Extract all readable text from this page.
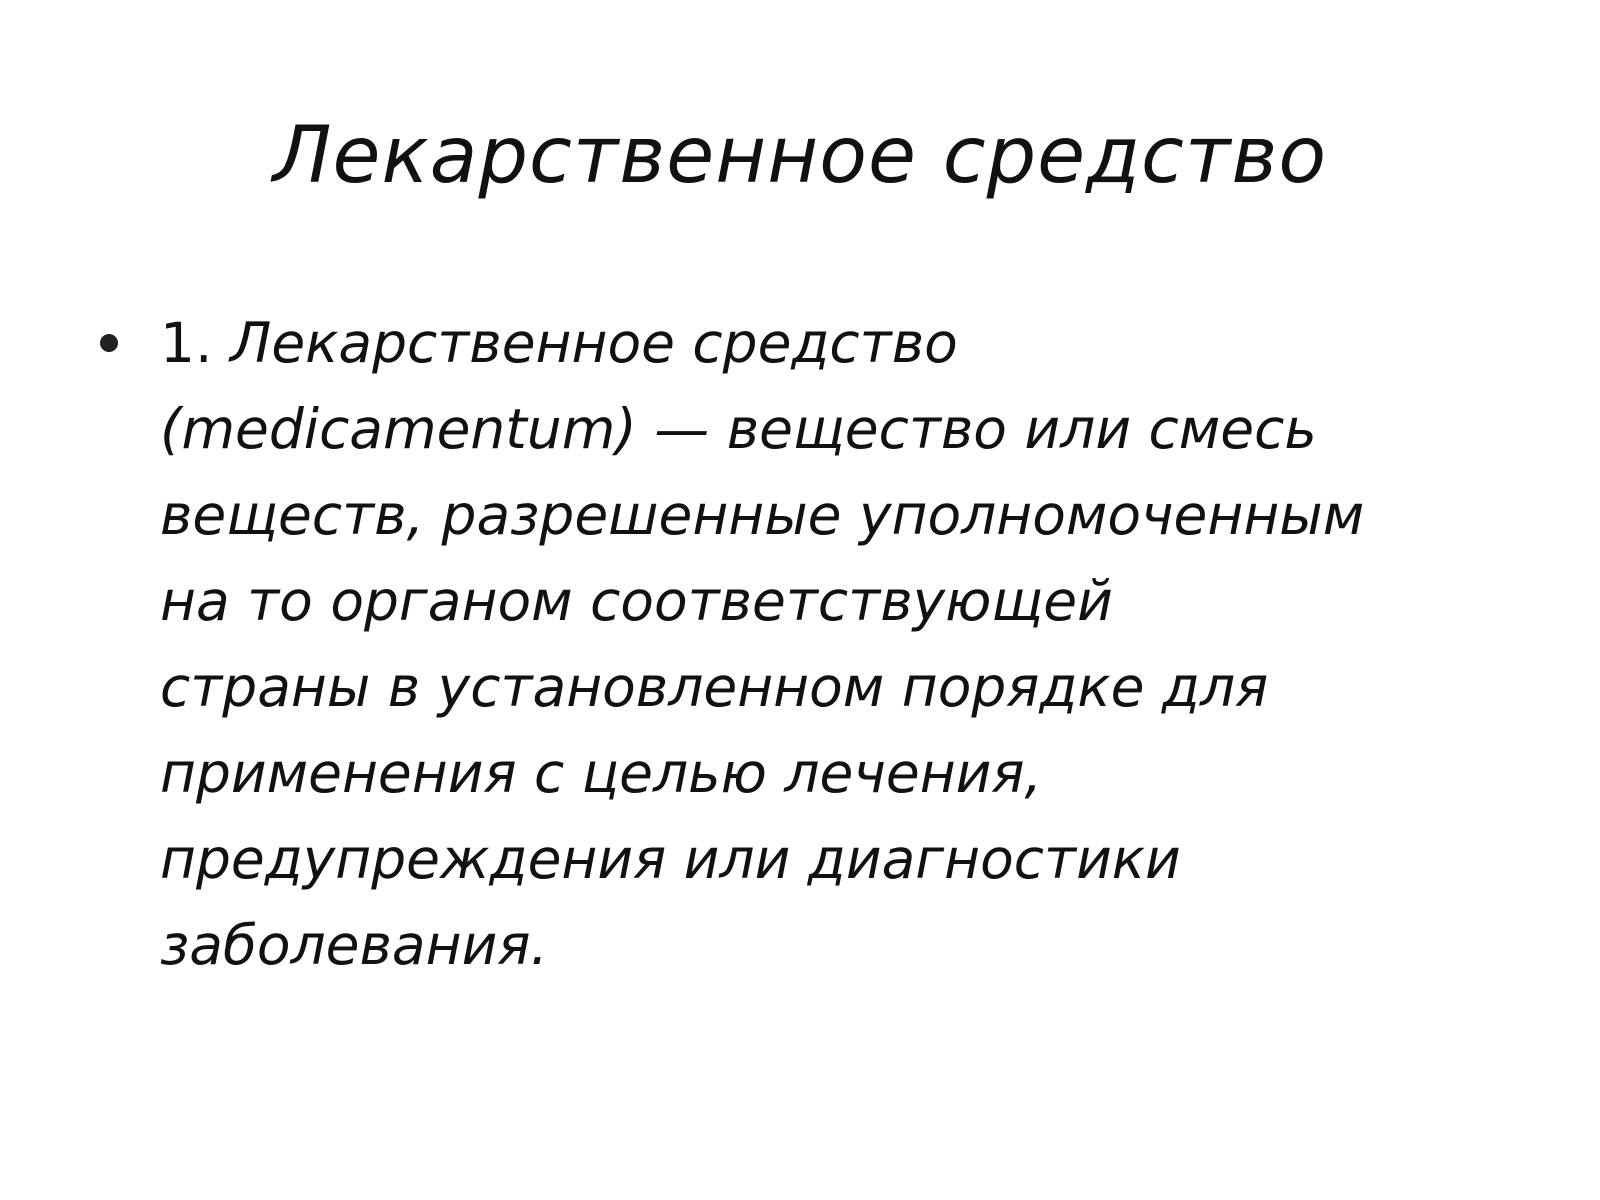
Лекарственное средство
1. Лекарственное средство
(medicamentum) — вещество или смесь
веществ, разрешенные уполномоченным
на то органом соответствующей
страны в установленном порядке для
применения с целью лечения,
предупреждения или диагностики
заболевания.
